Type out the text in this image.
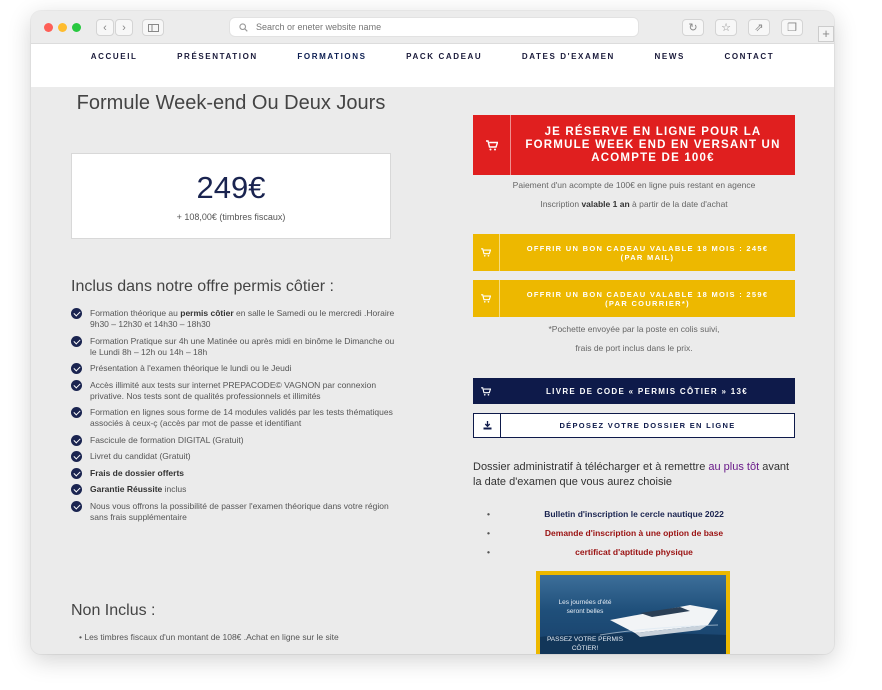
‹ ›
Search or eneter website name	↻ ☆ ⇗ ❐	+
ACCUEIL	PRÉSENTATION	FORMATIONS	PACK CADEAU	DATES D'EXAMEN	NEWS	CONTACT
Formule Week-end Ou Deux Jours
249€
+ 108,00€ (timbres fiscaux)
Inclus dans notre offre permis côtier :
Formation théorique au permis côtier en salle le Samedi ou le mercredi .Horaire 9h30 – 12h30 et 14h30 – 18h30
Formation Pratique sur 4h une Matinée ou après midi en binôme le Dimanche ou le Lundi 8h – 12h ou 14h – 18h
Présentation à l'examen théorique le lundi ou le Jeudi
Accès illimité aux tests sur internet PREPACODE© VAGNON par connexion privative. Nos tests sont de qualités professionnels et illimités
Formation en lignes sous forme de 14 modules validés par les tests thématiques associés à ceux-ç (accès par mot de passe et identifiant
Fascicule de formation DIGITAL (Gratuit)
Livret du candidat (Gratuit)
Frais de dossier offerts
Garantie Réussite inclus
Nous vous offrons la possibilité de passer l'examen théorique dans votre région sans frais supplémentaire
Non Inclus :
• Les timbres fiscaux d'un montant de 108€ .Achat en ligne sur le site
JE RÉSERVE EN LIGNE POUR LA FORMULE WEEK END EN VERSANT UN ACOMPTE DE 100€
Paiement d'un acompte de 100€ en ligne puis restant en agence
Inscription valable 1 an à partir de la date d'achat
OFFRIR UN BON CADEAU VALABLE 18 MOIS : 245€ (PAR MAIL)
OFFRIR UN BON CADEAU VALABLE 18 MOIS : 259€ (PAR COURRIER*)
*Pochette envoyée par la poste en colis suivi,
frais de port inclus dans le prix.
LIVRE DE CODE « PERMIS CÔTIER » 13€
DÉPOSEZ VOTRE DOSSIER EN LIGNE
Dossier administratif à télécharger et à remettre au plus tôt avant la date d'examen que vous aurez choisie
• Bulletin d'inscription le cercle nautique 2022
• Demande d'inscription à une option de base
• certificat d'aptitude physique
Les journées d'été seront belles
PASSEZ VOTRE PERMIS CÔTIER!
